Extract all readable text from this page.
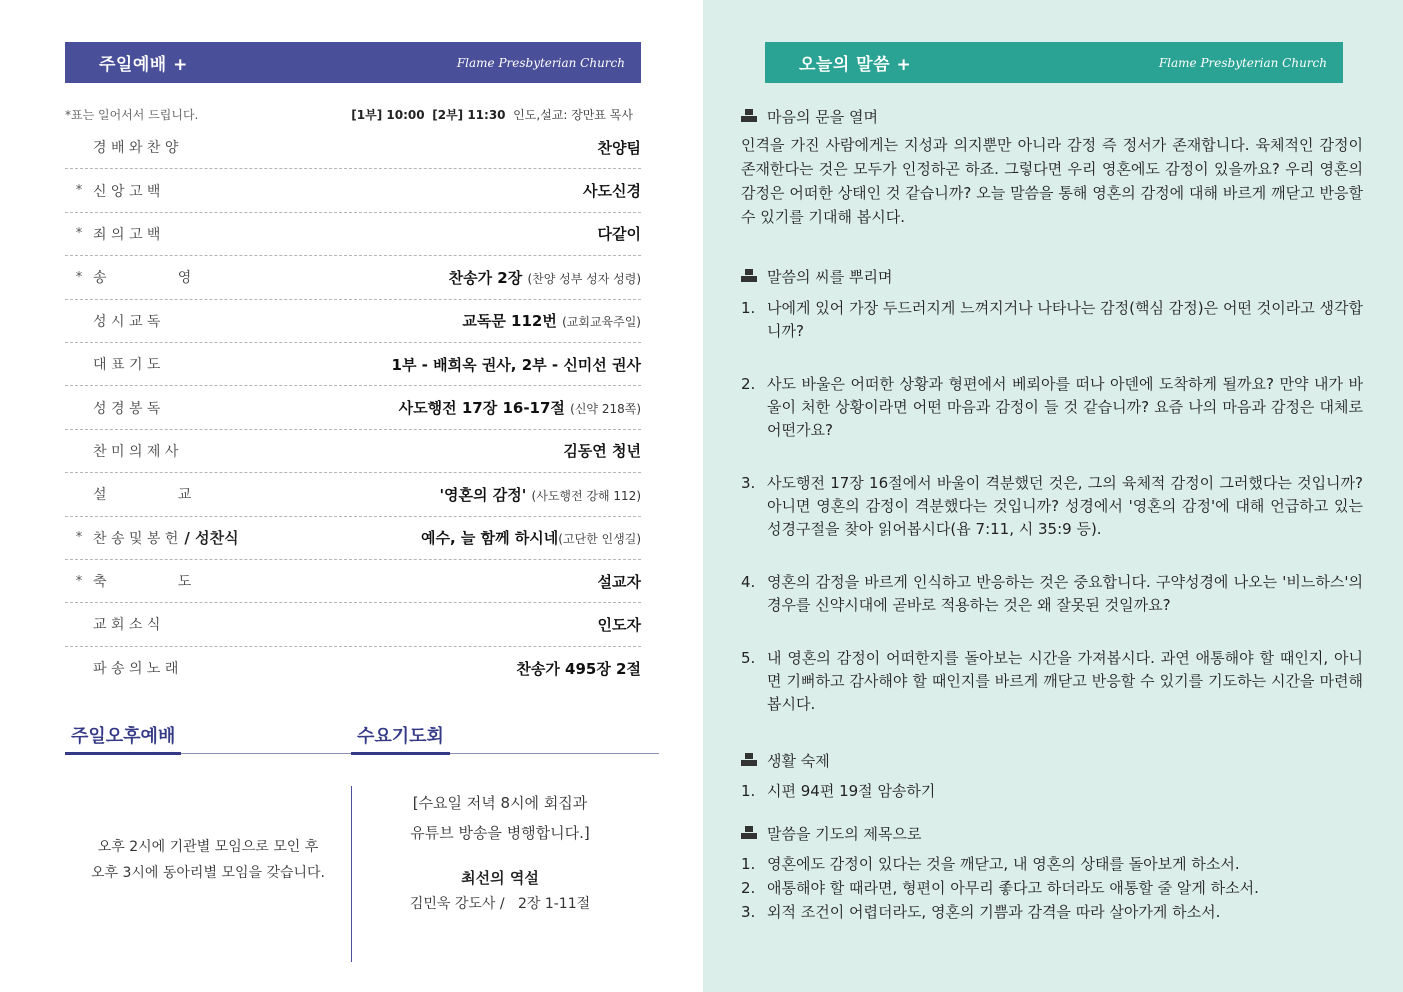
주일예배 +	Flame Presbyterian Church
*표는 일어서서 드립니다.	[1부] 10:00 [2부] 11:30 인도,설교: 장만표 목사
경 배 와 찬 양	찬양팀
* 신 앙 고 백	사도신경
* 죄 의 고 백	다같이
* 송                영	찬송가 2장 (찬양 성부 성자 성령)
성 시 교 독	교독문 112번 (교회교육주일)
대 표 기 도	1부 - 배희옥 권사, 2부 - 신미선 권사
성 경 봉 독	사도행전 17장 16-17절 (신약 218쪽)
찬 미 의 제 사	김동연 청년
설                교	'영혼의 감정' (사도행전 강해 112)
* 찬 송 및 봉 헌 / 성찬식	예수, 늘 함께 하시네(고단한 인생길)
* 축                도	설교자
교 회 소 식	인도자
파 송 의 노 래	찬송가 495장 2절
주일오후예배	수요기도회
오후 2시에 기관별 모임으로 모인 후
오후 3시에 동아리별 모임을 갖습니다.
[수요일 저녁 8시에 회집과
유튜브 방송을 병행합니다.]
최선의 역설
김민욱 강도사 /   2장 1-11절
오늘의 말씀 +	Flame Presbyterian Church
마음의 문을 열며
인격을 가진 사람에게는 지성과 의지뿐만 아니라 감정 즉 정서가 존재합니다. 육체적인 감정이 존재한다는 것은 모두가 인정하곤 하죠. 그렇다면 우리 영혼에도 감정이 있을까요? 우리 영혼의 감정은 어떠한 상태인 것 같습니까? 오늘 말씀을 통해 영혼의 감정에 대해 바르게 깨닫고 반응할 수 있기를 기대해 봅시다.
말씀의 씨를 뿌리며
1. 나에게 있어 가장 두드러지게 느껴지거나 나타나는 감정(핵심 감정)은 어떤 것이라고 생각합니까?
2. 사도 바울은 어떠한 상황과 형편에서 베뢰아를 떠나 아덴에 도착하게 될까요? 만약 내가 바울이 처한 상황이라면 어떤 마음과 감정이 들 것 같습니까? 요즘 나의 마음과 감정은 대체로 어떤가요?
3. 사도행전 17장 16절에서 바울이 격분했던 것은, 그의 육체적 감정이 그러했다는 것입니까? 아니면 영혼의 감정이 격분했다는 것입니까? 성경에서 '영혼의 감정'에 대해 언급하고 있는 성경구절을 찾아 읽어봅시다(욥 7:11, 시 35:9 등).
4. 영혼의 감정을 바르게 인식하고 반응하는 것은 중요합니다. 구약성경에 나오는 '비느하스'의 경우를 신약시대에 곧바로 적용하는 것은 왜 잘못된 것일까요?
5. 내 영혼의 감정이 어떠한지를 돌아보는 시간을 가져봅시다. 과연 애통해야 할 때인지, 아니면 기뻐하고 감사해야 할 때인지를 바르게 깨닫고 반응할 수 있기를 기도하는 시간을 마련해 봅시다.
생활 숙제
1. 시편 94편 19절 암송하기
말씀을 기도의 제목으로
1. 영혼에도 감정이 있다는 것을 깨닫고, 내 영혼의 상태를 돌아보게 하소서.
2. 애통해야 할 때라면, 형편이 아무리 좋다고 하더라도 애통할 줄 알게 하소서.
3. 외적 조건이 어렵더라도, 영혼의 기쁨과 감격을 따라 살아가게 하소서.
